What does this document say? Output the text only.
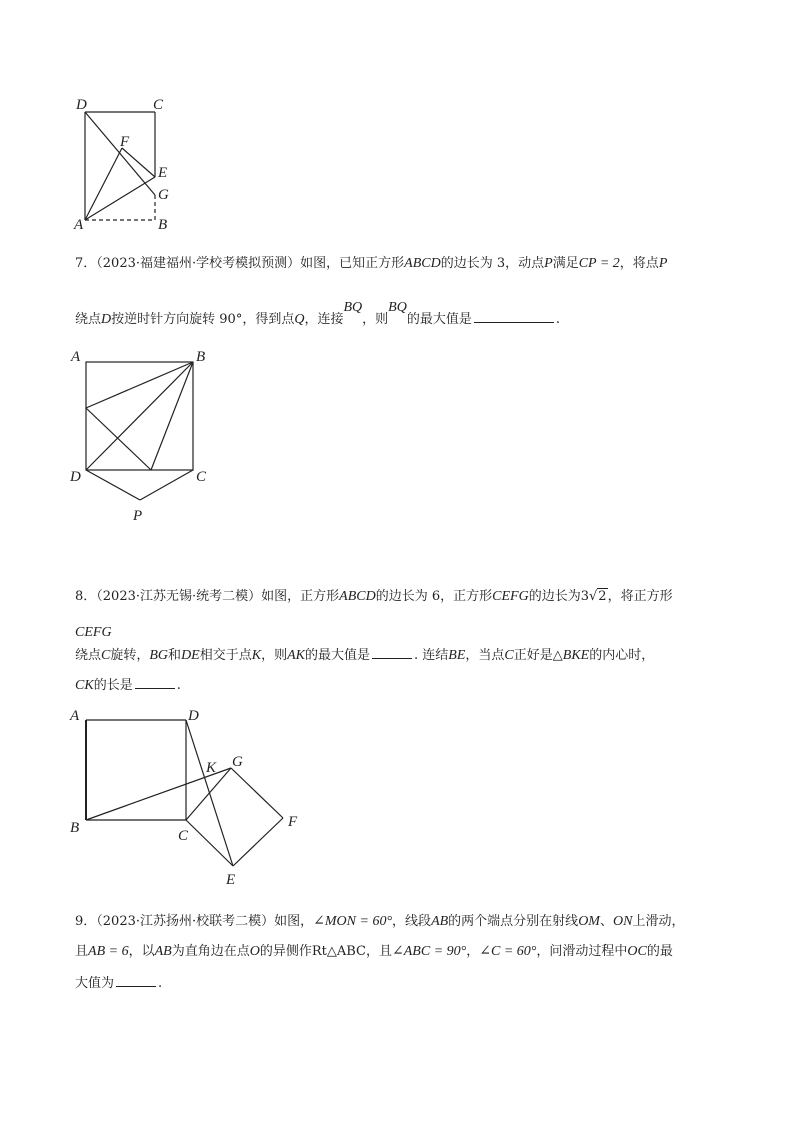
D	C
F
E
G
A	B
7．（2023·福建福州·学校考模拟预测）如图，已知正方形ABCD的边长为 3，动点P满足CP = 2，将点P
绕点D按逆时针方向旋转 90°，得到点Q，连接BQ，则BQ的最大值是	.
A	B
D	C
P
8．（2023·江苏无锡·统考二模）如图，正方形ABCD的边长为 6，正方形CEFG的边长为3√2，将正方形
CEFG
绕点C旋转，BG和DE相交于点K，则AK的最大值是	. 连结BE，当点C正好是△BKE的内心时，
CK的长是	.
A	D
K G
B	C
F
E
9．（2023·江苏扬州·校联考二模）如图，∠MON = 60°，线段AB的两个端点分别在射线OM、ON上滑动，
且AB = 6，以AB为直角边在点O的异侧作Rt△ABC，且∠ABC = 90°，∠C = 60°，问滑动过程中OC的最
大值为	.
